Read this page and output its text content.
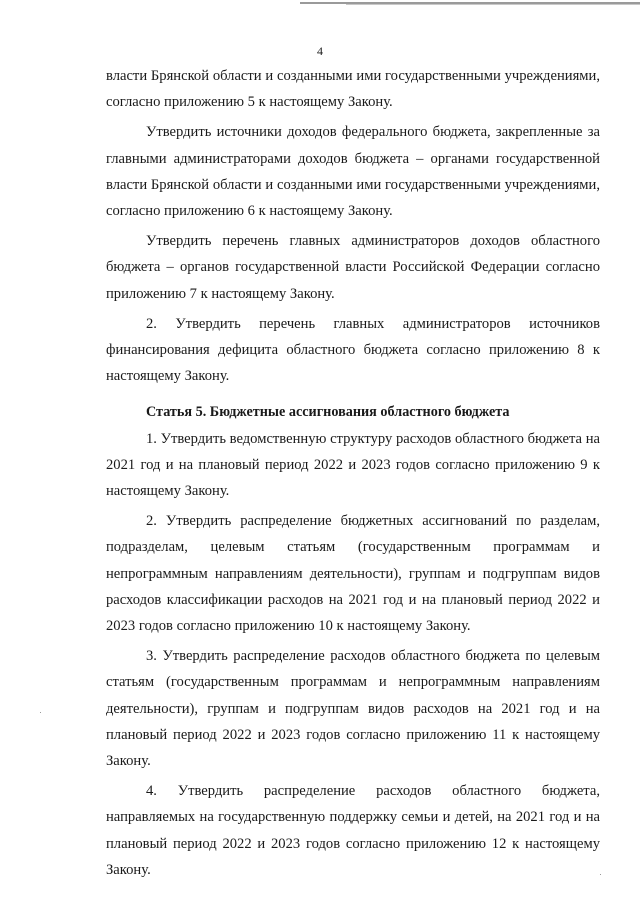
4

власти Брянской области и созданными ими государственными учреждениями, согласно приложению 5 к настоящему Закону.

Утвердить источники доходов федерального бюджета, закрепленные за главными администраторами доходов бюджета – органами государственной власти Брянской области и созданными ими государственными учреждениями, согласно приложению 6 к настоящему Закону.

Утвердить перечень главных администраторов доходов областного бюджета – органов государственной власти Российской Федерации согласно приложению 7 к настоящему Закону.

2. Утвердить перечень главных администраторов источников финансирования дефицита областного бюджета согласно приложению 8 к настоящему Закону.

Статья 5. Бюджетные ассигнования областного бюджета

1. Утвердить ведомственную структуру расходов областного бюджета на 2021 год и на плановый период 2022 и 2023 годов согласно приложению 9 к настоящему Закону.

2. Утвердить распределение бюджетных ассигнований по разделам, подразделам, целевым статьям (государственным программам и непрограммным направлениям деятельности), группам и подгруппам видов расходов классификации расходов на 2021 год и на плановый период 2022 и 2023 годов согласно приложению 10 к настоящему Закону.

3. Утвердить распределение расходов областного бюджета по целевым статьям (государственным программам и непрограммным направлениям деятельности), группам и подгруппам видов расходов на 2021 год и на плановый период 2022 и 2023 годов согласно приложению 11 к настоящему Закону.

4. Утвердить распределение расходов областного бюджета, направляемых на государственную поддержку семьи и детей, на 2021 год и на плановый период 2022 и 2023 годов согласно приложению 12 к настоящему Закону.
